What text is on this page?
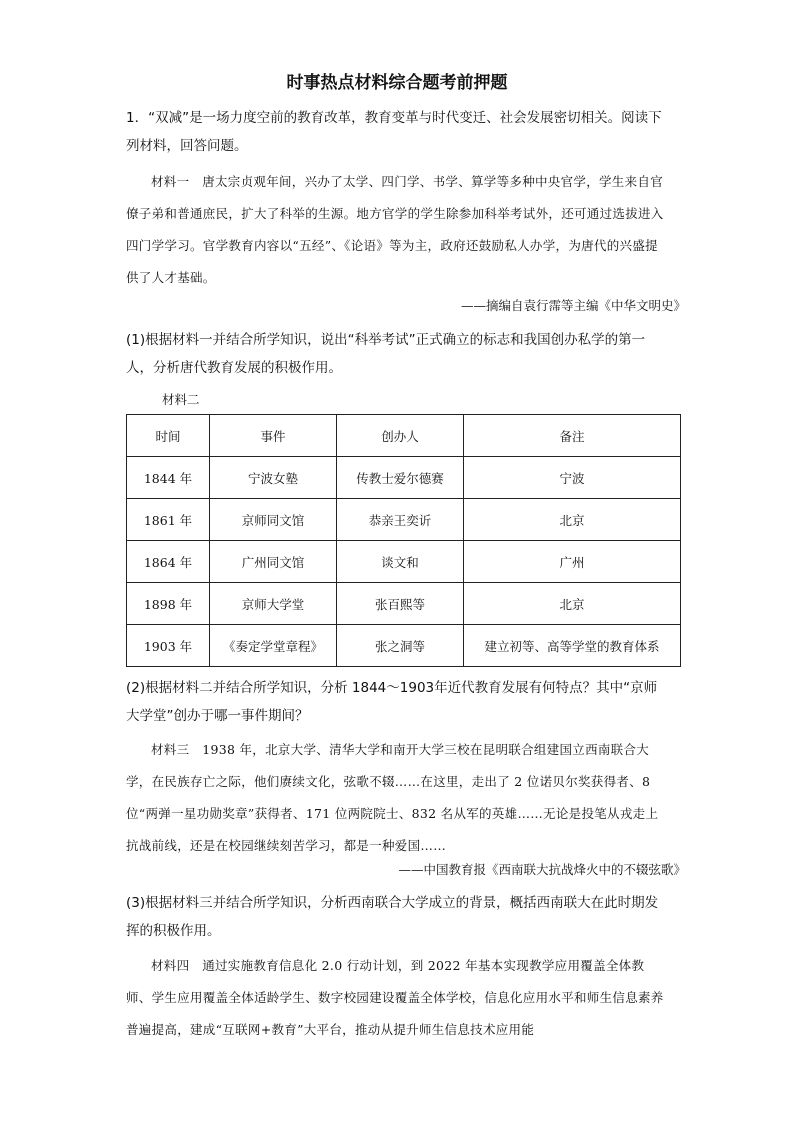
时事热点材料综合题考前押题
1．“双减”是一场力度空前的教育改革，教育变革与时代变迁、社会发展密切相关。阅读下列材料，回答问题。
材料一　唐太宗贞观年间，兴办了太学、四门学、书学、算学等多种中央官学，学生来自官僚子弟和普通庶民，扩大了科举的生源。地方官学的学生除参加科举考试外，还可通过选拔进入四门学学习。官学教育内容以“五经”、《论语》等为主，政府还鼓励私人办学，为唐代的兴盛提供了人才基础。
——摘编自袁行霈等主编《中华文明史》
(1)根据材料一并结合所学知识，说出“科举考试”正式确立的标志和我国创办私学的第一人，分析唐代教育发展的积极作用。
材料二
时间	事件	创办人	备注
1844 年	宁波女塾	传教士爱尔德赛	宁波
1861 年	京师同文馆	恭亲王奕䜣	北京
1864 年	广州同文馆	谈文和	广州
1898 年	京师大学堂	张百熙等	北京
1903 年	《奏定学堂章程》	张之洞等	建立初等、高等学堂的教育体系
(2)根据材料二并结合所学知识，分析 1844～1903年近代教育发展有何特点？其中“京师大学堂”创办于哪一事件期间？
材料三　1938 年，北京大学、清华大学和南开大学三校在昆明联合组建国立西南联合大学，在民族存亡之际，他们赓续文化，弦歌不辍……在这里，走出了 2 位诺贝尔奖获得者、8 位“两弹一星功勋奖章”获得者、171 位两院院士、832 名从军的英雄……无论是投笔从戎走上抗战前线，还是在校园继续刻苦学习，都是一种爱国……
——中国教育报《西南联大抗战烽火中的不辍弦歌》
(3)根据材料三并结合所学知识，分析西南联合大学成立的背景，概括西南联大在此时期发挥的积极作用。
材料四　通过实施教育信息化 2.0 行动计划，到 2022 年基本实现教学应用覆盖全体教师、学生应用覆盖全体适龄学生、数字校园建设覆盖全体学校，信息化应用水平和师生信息素养普遍提高，建成“互联网+教育”大平台，推动从提升师生信息技术应用能
